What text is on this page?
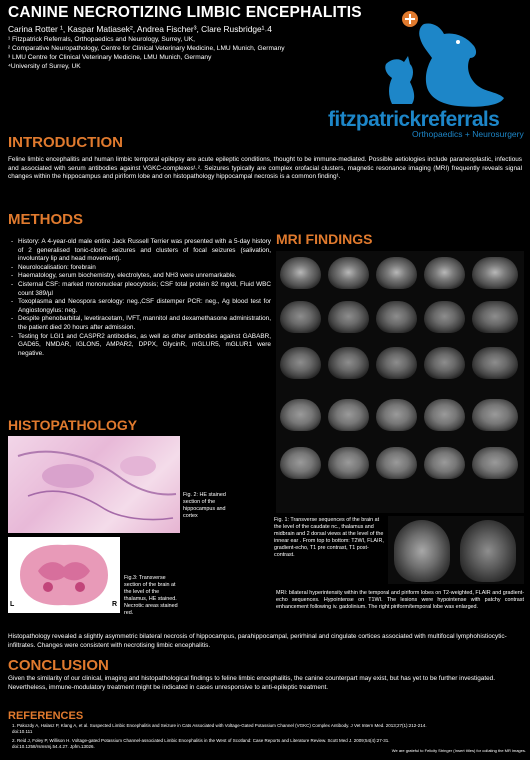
CANINE NECROTIZING LIMBIC ENCEPHALITIS
Carina Rotter ¹, Kaspar Matiasek², Andrea Fischer³, Clare Rusbridge¹˒4
¹ Fitzpatrick Referrals, Orthopaedics and Neurology, Surrey, UK,
² Comparative Neuropathology, Centre for Clinical Veterinary Medicine, LMU Munich, Germany
³ LMU Centre for Clinical Veterinary Medicine, LMU Munich, Germany
⁴University of Surrey, UK
fitzpatrickreferrals
Orthopaedics + Neurosurgery
INTRODUCTION
Feline limbic encephalitis and human limbic temporal epilepsy are acute epileptic conditions, thought to be immune-mediated. Possible aetiologies include paraneoplastic, infectious and associated with serum antibodies against VGKC-complexes¹˒². Seizures typically are complex orofacial clusters, magnetic resonance imaging (MRI) frequently reveals signal changes within the hippocampus and piriform lobe and on histopathology hippocampal necrosis is a common finding¹.
METHODS
- History: A 4-year-old male entire Jack Russell Terrier was presented with a 5-day history of 2 generalised tonic-clonic seizures and clusters of focal seizures (salivation, involuntary lip and head movement).
- Neurolocalisation: forebrain
- Haematology, serum biochemistry, electrolytes, and NH3 were unremarkable.
- Cisternal CSF: marked mononuclear pleocytosis; CSF total protein 82 mg/dl, Fluid WBC count 389/µl
- Toxoplasma and Neospora serology: neg.,CSF distemper PCR: neg., Ag blood test for Angiostongylus: neg.
- Despite phenobarbital, levetiracetam, IVFT, mannitol and dexamethasone administration, the patient died 20 hours after admission.
- Testing for LGI1 and CASPR2 antibodies, as well as other antibodies against GABABR, GAD65, NMDAR, IGLON5, AMPAR2, DPPX, GlycinR, mGLUR5, mGLUR1 were negative.
MRI FINDINGS
Fig. 1: Transverse sequences of the brain at the level of the caudate nc., thalamus and midbrain and 2 dorsal views at the level of the innear ear . From top to bottom: T2WI, FLAIR, gradient-echo, T1 pre contrast, T1 post-contrast.
MRI: bilateral hyperintensity within the temporal and piriform lobes on T2-weighted, FLAIR and gradient-echo sequences. Hypointense on T1WI. The lesions were hypointense with patchy contrast enhancement following iv. gadolinium. The right piriform/temporal lobe was enlarged.
HISTOPATHOLOGY
Fig. 2: HE stained section of the hippocampus and cortex
L	R
Fig.3: Transverse section of the brain at the level of the thalamus, HE stained. Necrotic areas stained red.
Histopathology revealed a slightly asymmetric bilateral necrosis of hippocampus, parahippocampal, perirhinal and cingulate cortices associated with multifocal lymphohistiocytic-infiltrates. Changes were consistent with necrotising limbic encephalitis.
CONCLUSION
Given the similarity of our clinical, imaging and histopathological findings to feline limbic encephalitis, the canine counterpart may exist, but has yet to be further investigated. Nevertheless, immune-modulatory treatment might be indicated in cases unresponsive to anti-epileptic treatment.
REFERENCES
1. Pakozdy A, Halasz P, Klang A, et al. Suspected Limbic Encephalitis and Seizure in Cats Associated with Voltage-Gated Potassium Channel (VGKC) Complex Antibody. J Vet Intern Med. 2013;27(1):212-214. doi:10.111
2. Reid J, Foley P, Willison H. Voltage-gated Potassium Channel-associated Limbic Encephalitis in the West of Scotland: Case Reports and Literature Review. Scott Med J. 2009;54(4):27-31. doi:10.1258/rsmsmj.54.4.27. Jpfm.13026.
We are grateful to Felicity Stringer (Insert titles) for collating the MR images.
